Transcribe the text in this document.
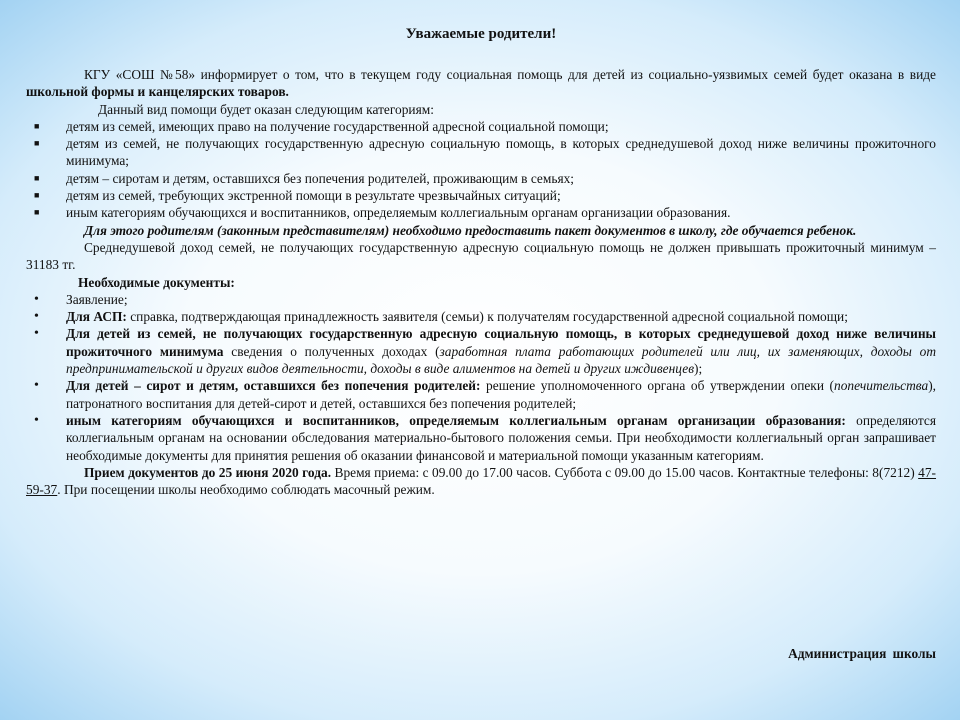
Уважаемые родители!

КГУ «СОШ №58» информирует о том, что в текущем году социальная помощь для детей из социально-уязвимых семей будет оказана в виде школьной формы и канцелярских товаров.

Данный вид помощи будет оказан следующим категориям:

■ детям из семей, имеющих право на получение государственной адресной социальной помощи;
■ детям из семей, не получающих государственную адресную социальную помощь, в которых среднедушевой доход ниже величины прожиточного минимума;
■ детям – сиротам и детям, оставшихся без попечения родителей, проживающим в семьях;
■ детям из семей, требующих экстренной помощи в результате чрезвычайных ситуаций;
■ иным категориям обучающихся и воспитанников, определяемым коллегиальным органам организации образования.

Для этого родителям (законным представителям) необходимо предоставить пакет документов в школу, где обучается ребенок.

Среднедушевой доход семей, не получающих государственную адресную социальную помощь не должен привышать прожиточный минимум – 31183 тг.

Необходимые документы:

• Заявление;
• Для АСП: справка, подтверждающая принадлежность заявителя (семьи) к получателям государственной адресной социальной помощи;
• Для детей из семей, не получающих государственную адресную социальную помощь, в которых среднедушевой доход ниже величины прожиточного минимума сведения о полученных доходах (заработная плата работающих родителей или лиц, их заменяющих, доходы от предпринимательской и других видов деятельности, доходы в виде алиментов на детей и других иждивенцев);
• Для детей – сирот и детям, оставшихся без попечения родителей: решение уполномоченного органа об утверждении опеки (попечительства), патронатного воспитания для детей-сирот и детей, оставшихся без попечения родителей;
• иным категориям обучающихся и воспитанников, определяемым коллегиальным органам организации образования: определяются коллегиальным органам на основании обследования материально-бытового положения семьи. При необходимости коллегиальный орган запрашивает необходимые документы для принятия решения об оказании финансовой и материальной помощи указанным категориям.

Прием документов до 25 июня 2020 года. Время приема: с 09.00 до 17.00 часов. Суббота с 09.00 до 15.00 часов. Контактные телефоны: 8(7212) 47-59-37. При посещении школы необходимо соблюдать масочный режим.

Администрация школы
